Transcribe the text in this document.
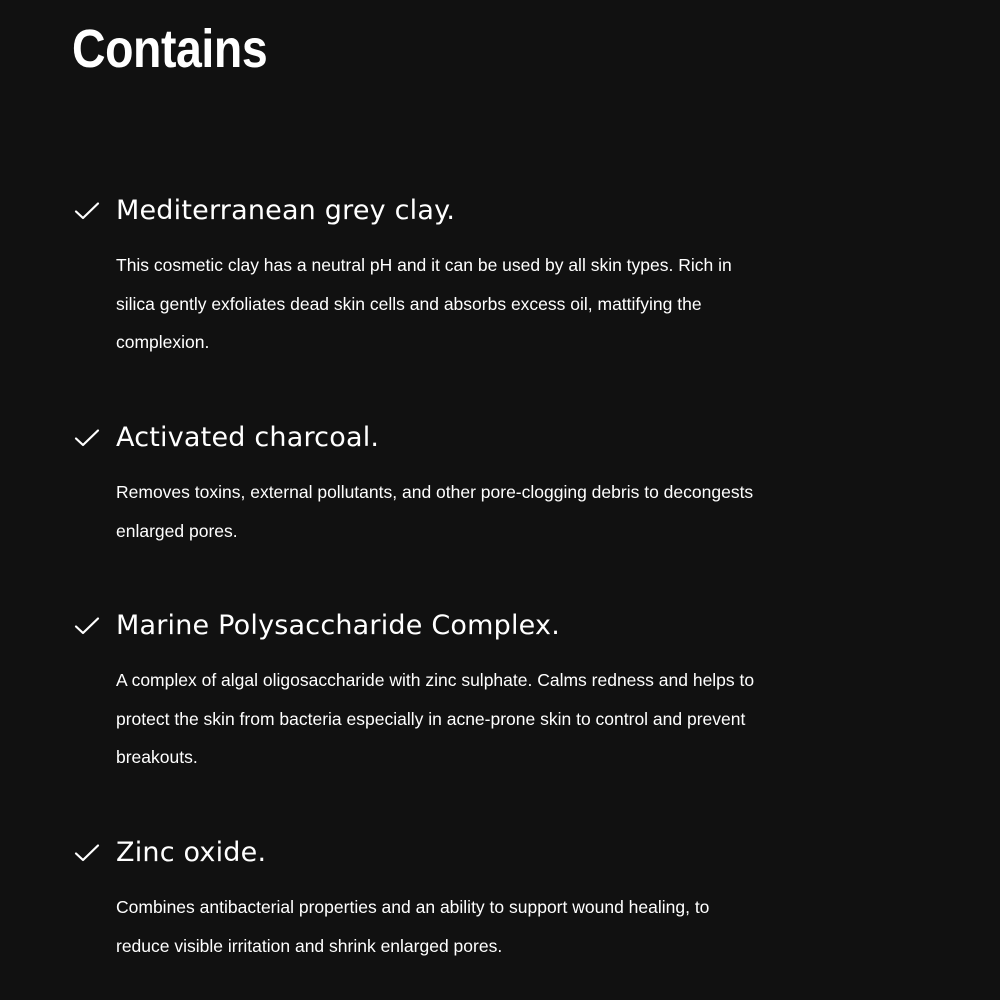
Contains
Mediterranean grey clay.
This cosmetic clay has a neutral pH and it can be used by all skin types. Rich in
silica gently exfoliates dead skin cells and absorbs excess oil, mattifying the
complexion.
Activated charcoal.
Removes toxins, external pollutants, and other pore-clogging debris to decongests
enlarged pores.
Marine Polysaccharide Complex.
A complex of algal oligosaccharide with zinc sulphate. Calms redness and helps to
protect the skin from bacteria especially in acne-prone skin to control and prevent
breakouts.
Zinc oxide.
Combines antibacterial properties and an ability to support wound healing, to
reduce visible irritation and shrink enlarged pores.
